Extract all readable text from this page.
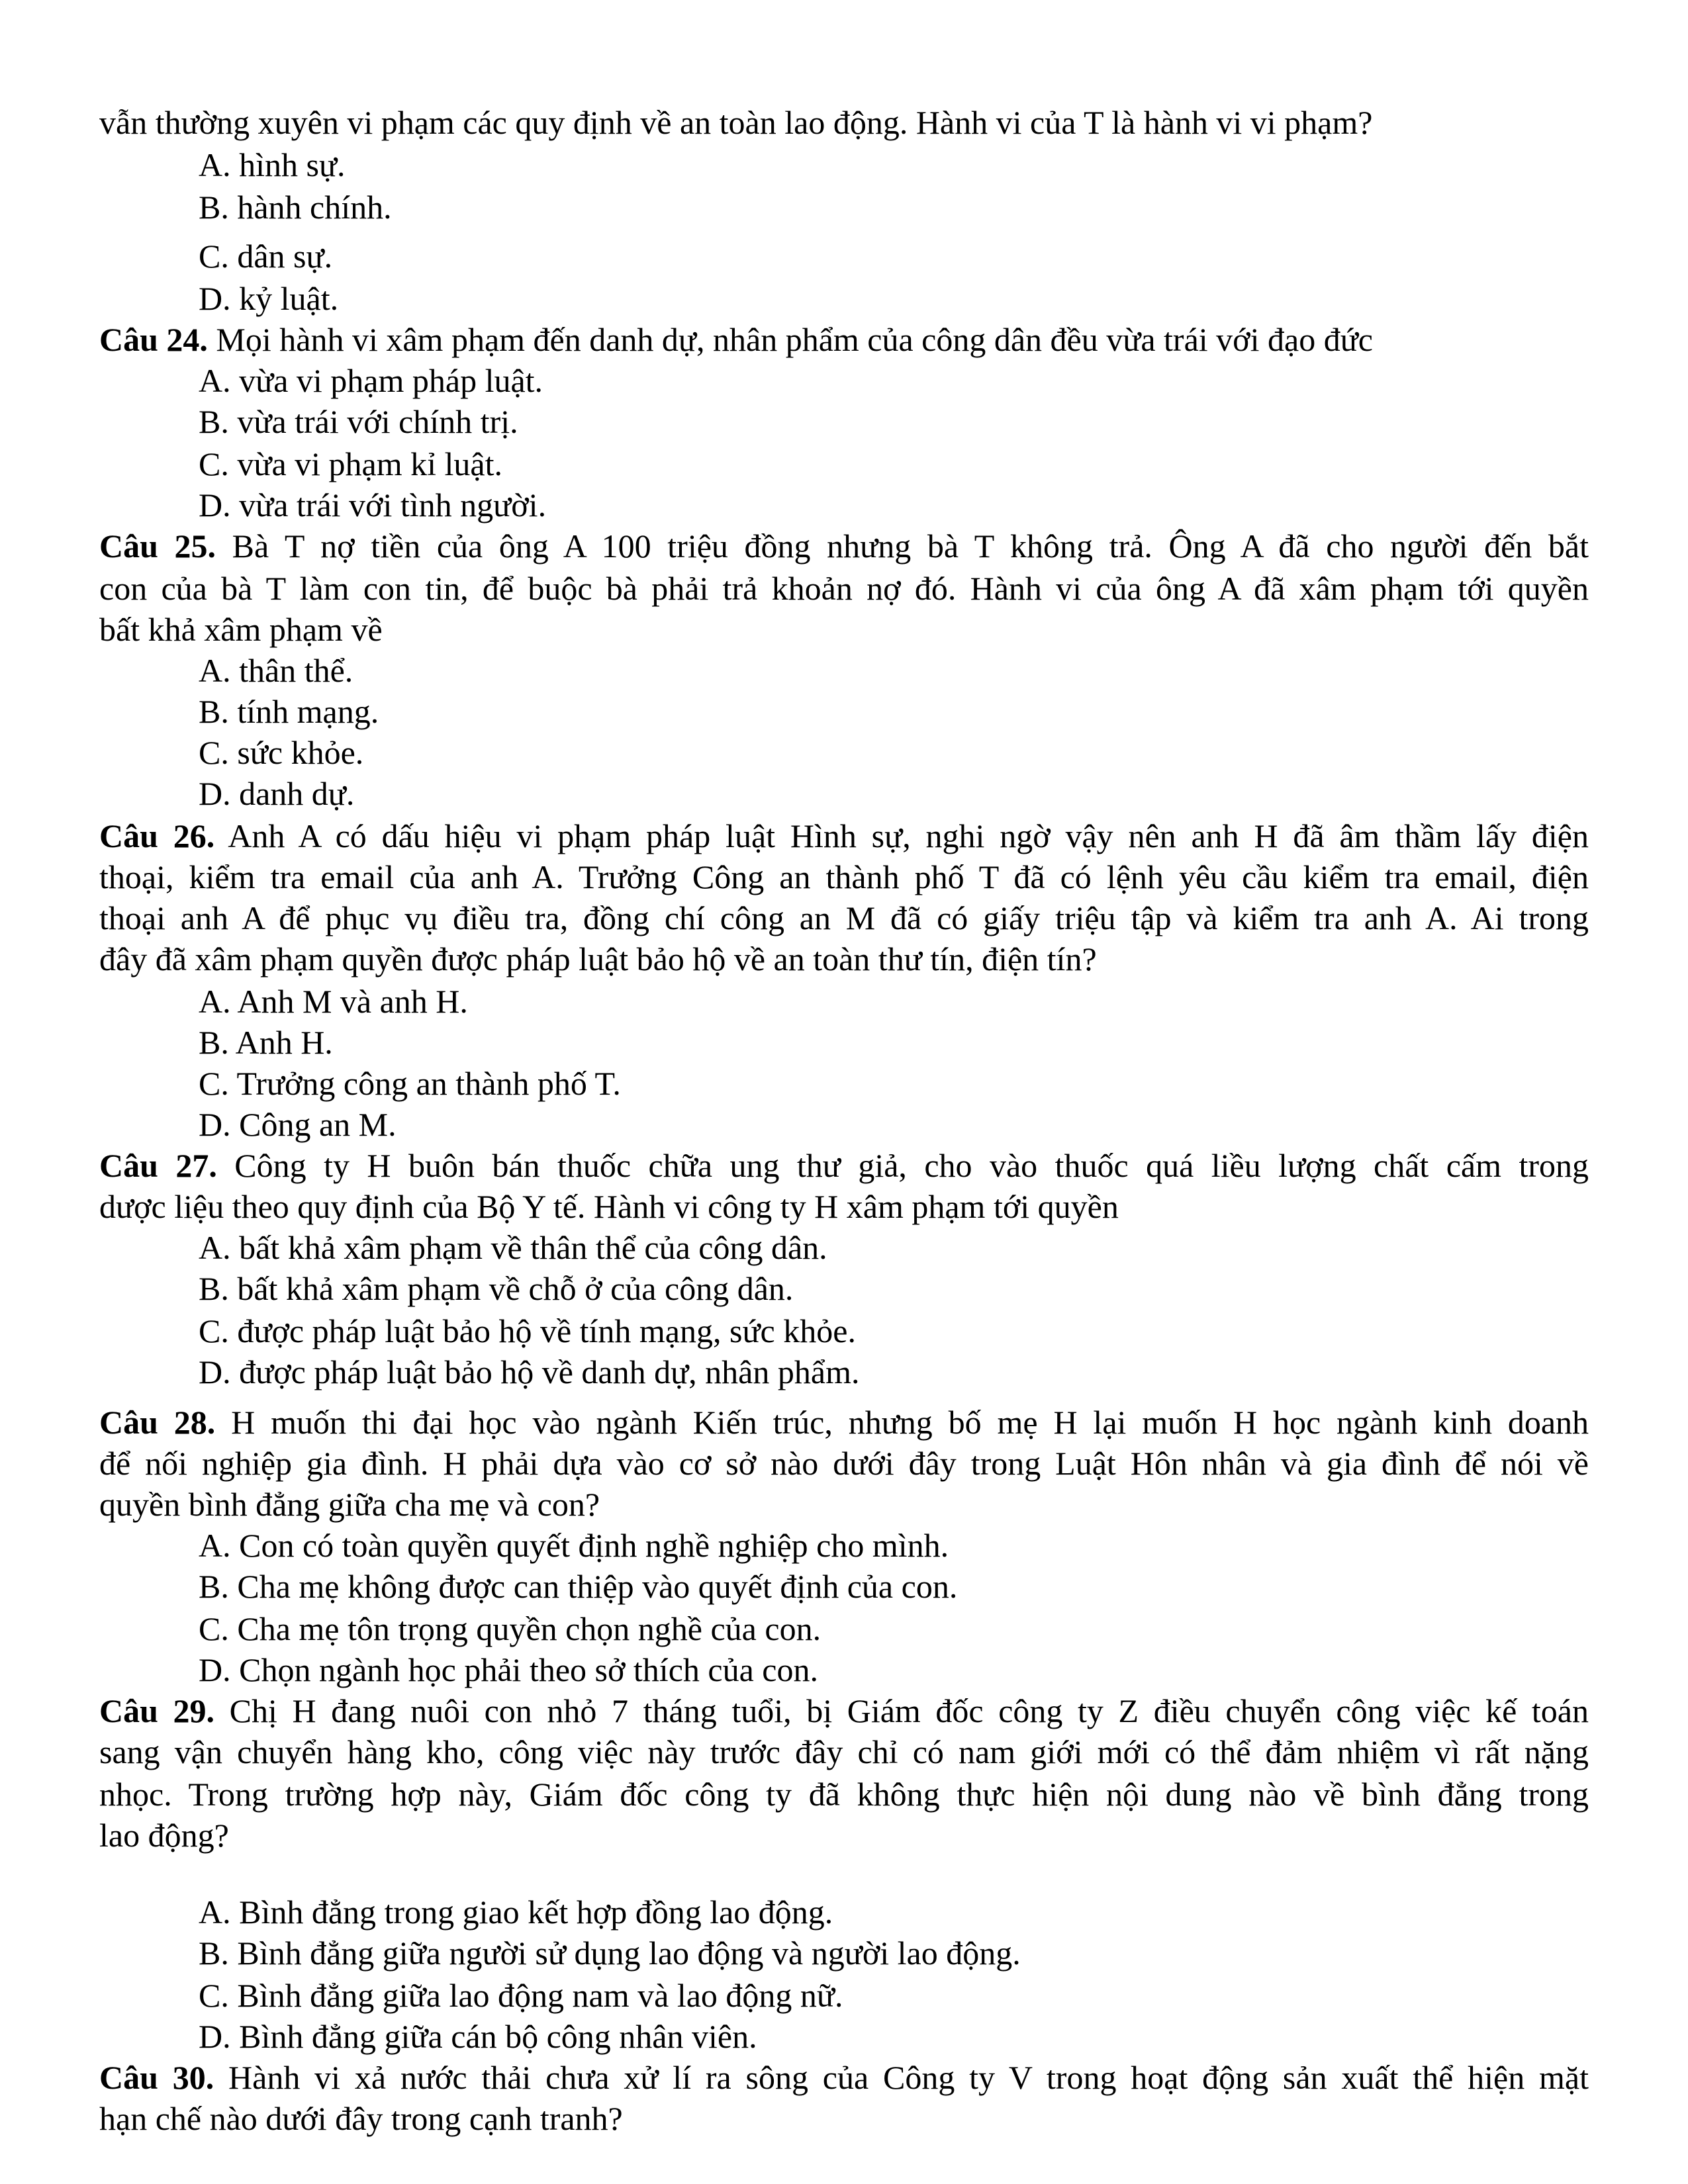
vẫn thường xuyên vi phạm các quy định về an toàn lao động. Hành vi của T là hành vi vi phạm?
A. hình sự.
B. hành chính.
C. dân sự.
D. kỷ luật.
Câu 24. Mọi hành vi xâm phạm đến danh dự, nhân phẩm của công dân đều vừa trái với đạo đức
A. vừa vi phạm pháp luật.
B. vừa trái với chính trị.
C. vừa vi phạm kỉ luật.
D. vừa trái với tình người.
Câu 25. Bà T nợ tiền của ông A 100 triệu đồng nhưng bà T không trả. Ông A đã cho người đến bắt
con của bà T làm con tin, để buộc bà phải trả khoản nợ đó. Hành vi của ông A đã xâm phạm tới quyền
bất khả xâm phạm về
A. thân thể.
B. tính mạng.
C. sức khỏe.
D. danh dự.
Câu 26. Anh A có dấu hiệu vi phạm pháp luật Hình sự, nghi ngờ vậy nên anh H đã âm thầm lấy điện
thoại, kiểm tra email của anh A. Trưởng Công an thành phố T đã có lệnh yêu cầu kiểm tra email, điện
thoại anh A để phục vụ điều tra, đồng chí công an M đã có giấy triệu tập và kiểm tra anh A. Ai trong
đây đã xâm phạm quyền được pháp luật bảo hộ về an toàn thư tín, điện tín?
A. Anh M và anh H.
B. Anh H.
C. Trưởng công an thành phố T.
D. Công an M.
Câu 27. Công ty H buôn bán thuốc chữa ung thư giả, cho vào thuốc quá liều lượng chất cấm trong
dược liệu theo quy định của Bộ Y tế. Hành vi công ty H xâm phạm tới quyền
A. bất khả xâm phạm về thân thể của công dân.
B. bất khả xâm phạm về chỗ ở của công dân.
C. được pháp luật bảo hộ về tính mạng, sức khỏe.
D. được pháp luật bảo hộ về danh dự, nhân phẩm.
Câu 28. H muốn thi đại học vào ngành Kiến trúc, nhưng bố mẹ H lại muốn H học ngành kinh doanh
để nối nghiệp gia đình. H phải dựa vào cơ sở nào dưới đây trong Luật Hôn nhân và gia đình để nói về
quyền bình đẳng giữa cha mẹ và con?
A. Con có toàn quyền quyết định nghề nghiệp cho mình.
B. Cha mẹ không được can thiệp vào quyết định của con.
C. Cha mẹ tôn trọng quyền chọn nghề của con.
D. Chọn ngành học phải theo sở thích của con.
Câu 29. Chị H đang nuôi con nhỏ 7 tháng tuổi, bị Giám đốc công ty Z điều chuyển công việc kế toán
sang vận chuyển hàng kho, công việc này trước đây chỉ có nam giới mới có thể đảm nhiệm vì rất nặng
nhọc. Trong trường hợp này, Giám đốc công ty đã không thực hiện nội dung nào về bình đẳng trong
lao động?
A. Bình đẳng trong giao kết hợp đồng lao động.
B. Bình đẳng giữa người sử dụng lao động và người lao động.
C. Bình đẳng giữa lao động nam và lao động nữ.
D. Bình đẳng giữa cán bộ công nhân viên.
Câu 30. Hành vi xả nước thải chưa xử lí ra sông của Công ty V trong hoạt động sản xuất thể hiện mặt
hạn chế nào dưới đây trong cạnh tranh?
